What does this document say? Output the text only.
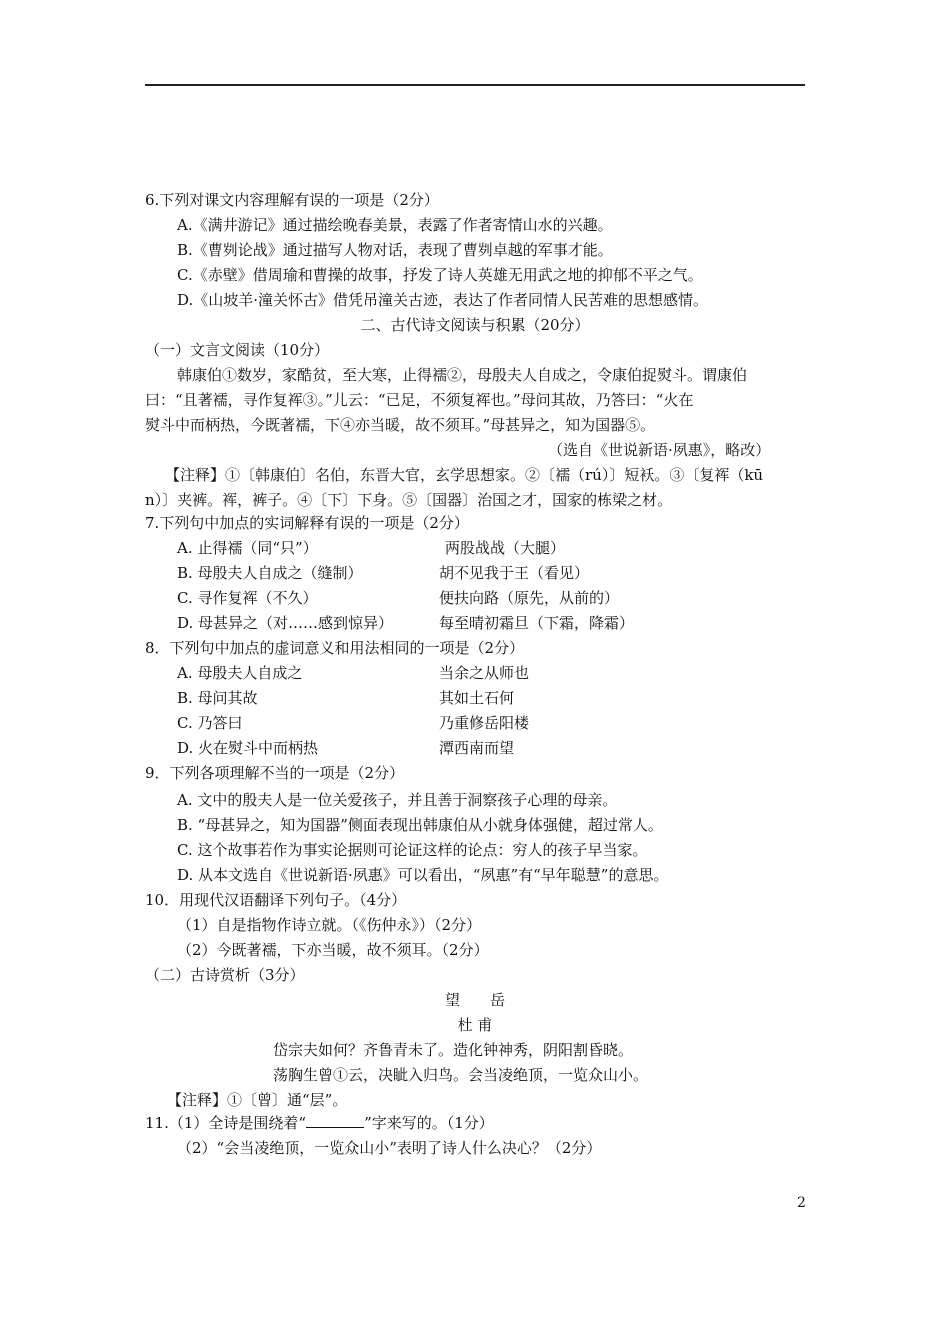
6.下列对课文内容理解有误的一项是（2分）
A.《满井游记》通过描绘晚春美景，表露了作者寄情山水的兴趣。
B.《曹刿论战》通过描写人物对话，表现了曹刿卓越的军事才能。
C.《赤壁》借周瑜和曹操的故事，抒发了诗人英雄无用武之地的抑郁不平之气。
D.《山坡羊·潼关怀古》借凭吊潼关古迹，表达了作者同情人民苦难的思想感情。
二、古代诗文阅读与积累（20分）
（一）文言文阅读（10分）
韩康伯①数岁，家酷贫，至大寒，止得襦②，母殷夫人自成之，令康伯捉熨斗。谓康伯
曰：“且著襦，寻作复裈③。”儿云：“已足，不须复裈也。”母问其故，乃答曰：“火在
熨斗中而柄热，今既著襦，下④亦当暖，故不须耳。”母甚异之，知为国器⑤。
（选自《世说新语·夙惠》，略改）
【注释】①〔韩康伯〕名伯，东晋大官，玄学思想家。②〔襦（rú）〕短袄。③〔复裈（kū
n）〕夹裤。裈，裤子。④〔下〕下身。⑤〔国器〕治国之才，国家的栋梁之材。
7.下列句中加点的实词解释有误的一项是（2分）
A. 止得襦（同“只”）	两股战战（大腿）
B. 母殷夫人自成之（缝制）	胡不见我于王（看见）
C. 寻作复裈（不久）	便扶向路（原先，从前的）
D. 母甚异之（对……感到惊异）	每至晴初霜旦（下霜，降霜）
8．下列句中加点的虚词意义和用法相同的一项是（2分）
A. 母殷夫人自成之	当余之从师也
B. 母问其故	其如土石何
C. 乃答曰	乃重修岳阳楼
D. 火在熨斗中而柄热	潭西南而望
9．下列各项理解不当的一项是（2分）
A. 文中的殷夫人是一位关爱孩子，并且善于洞察孩子心理的母亲。
B. “母甚异之，知为国器”侧面表现出韩康伯从小就身体强健，超过常人。
C. 这个故事若作为事实论据则可论证这样的论点：穷人的孩子早当家。
D. 从本文选自《世说新语·夙惠》可以看出，“夙惠”有“早年聪慧”的意思。
10．用现代汉语翻译下列句子。（4分）
（1）自是指物作诗立就。（《伤仲永》）（2分）
（2）今既著襦，下亦当暖，故不须耳。（2分）
（二）古诗赏析（3分）
望　　岳
杜 甫
岱宗夫如何？齐鲁青未了。造化钟神秀，阴阳割昏晓。
荡胸生曾①云，决眦入归鸟。会当凌绝顶，一览众山小。
【注释】①〔曾〕通“层”。
11.（1）全诗是围绕着“	”字来写的。（1分）
（2）“会当凌绝顶，一览众山小”表明了诗人什么决心？（2分）
2
